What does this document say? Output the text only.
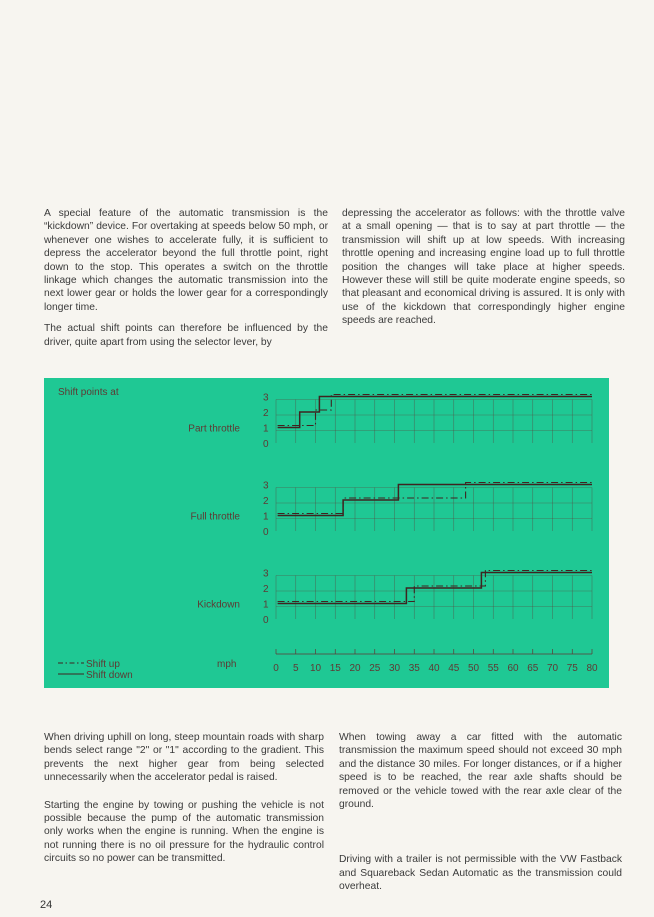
A special feature of the automatic transmission is the “kickdown” device. For overtaking at speeds below 50 mph, or whenever one wishes to accelerate fully, it is sufficient to depress the accelerator beyond the full throttle point, right down to the stop. This operates a switch on the throttle linkage which changes the automatic transmission into the next lower gear or holds the lower gear for a correspondingly longer time.

The actual shift points can therefore be influenced by the driver, quite apart from using the selector lever, by

depressing the accelerator as follows: with the throttle valve at a small opening — that is to say at part throttle — the transmission will shift up at low speeds. With increasing throttle opening and increasing engine load up to full throttle position the changes will take place at higher speeds. However these will still be quite moderate engine speeds, so that pleasant and economical driving is assured. It is only with use of the kickdown that correspondingly higher engine speeds are reached.

Shift points at
0
1
2
3
Part throttle
0
1
2
3
Full throttle
0
1
2
3
Kickdown
0 5 10 15 20 25 30 35 40 45 50 55 60 65 70 75 80
Shift up
Shift down
mph

When driving uphill on long, steep mountain roads with sharp bends select range "2" or "1" according to the gradient. This prevents the next higher gear from being selected unnecessarily when the accelerator pedal is raised.

Starting the engine by towing or pushing the vehicle is not possible because the pump of the automatic transmission only works when the engine is running. When the engine is not running there is no oil pressure for the hydraulic control circuits so no power can be transmitted.

When towing away a car fitted with the automatic transmission the maximum speed should not exceed 30 mph and the distance 30 miles. For longer distances, or if a higher speed is to be reached, the rear axle shafts should be removed or the vehicle towed with the rear axle clear of the ground.

Driving with a trailer is not permissible with the VW Fastback and Squareback Sedan Automatic as the transmission could overheat.

24
